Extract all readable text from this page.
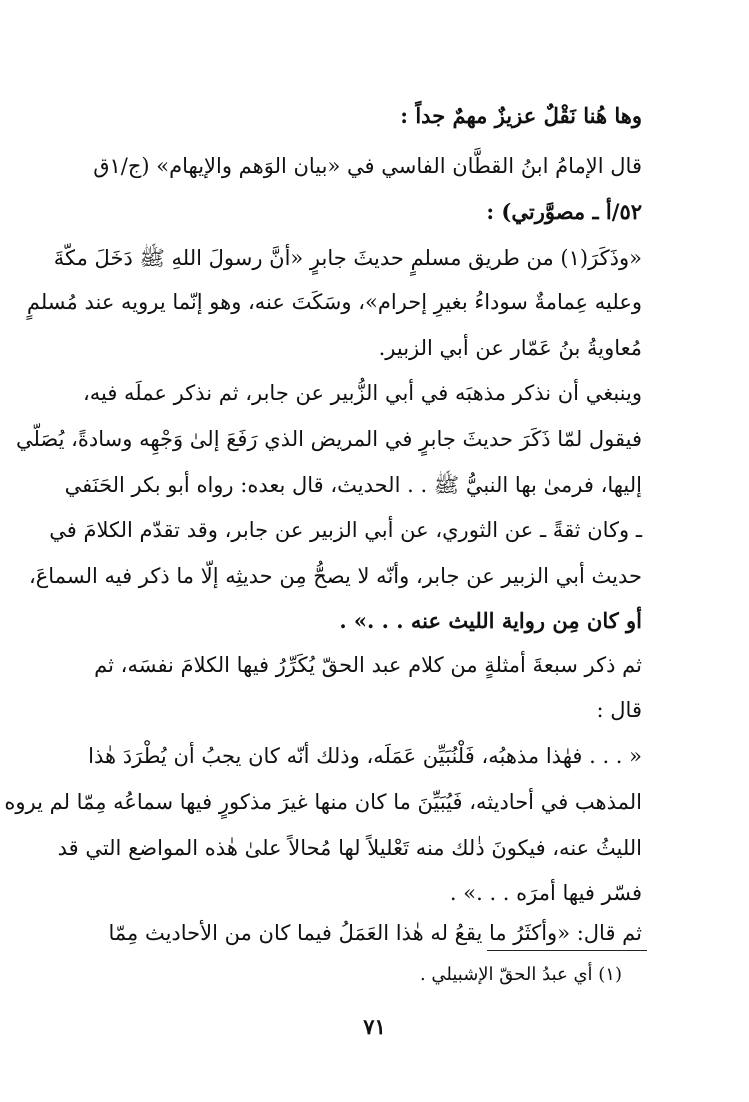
وها هُنا نَقْلٌ عزيزٌ مهمٌ جداً :
قال الإمامُ ابنُ القطَّان الفاسي في «بيان الوَهم والإيهام» (ج/١ق
٥٢/أ ـ مصوَّرتي) :
«وذَكَرَ(١) من طريق مسلمٍ حديثَ جابرٍ «أنَّ رسولَ اللهِ ﷺ دَخَلَ مكّةَ
وعليه عِمامةٌ سوداءُ بغيرِ إحرام»، وسَكَتَ عنه، وهو إنّما يرويه عند مُسلمٍ
مُعاويةُ بنُ عَمّار عن أبي الزبير.
وينبغي أن نذكر مذهبَه في أبي الزُّبير عن جابر، ثم نذكر عملَه فيه،
فيقول لمّا ذَكَرَ حديثَ جابرٍ في المريض الذي رَفَعَ إلىٰ وَجْهِه وسادةً، يُصَلّي
إليها، فرمىٰ بها النبيُّ ﷺ . . الحديث، قال بعده: رواه أبو بكر الحَنَفي
ـ وكان ثقةً ـ عن الثوري، عن أبي الزبير عن جابر، وقد تقدّم الكلامَ في
حديث أبي الزبير عن جابر، وأنّه لا يصحُّ مِن حديثِه إلّا ما ذكر فيه السماعَ،
أو كان مِن رواية الليث عنه . . .» .
ثم ذكر سبعةَ أمثلةٍ من كلام عبد الحقّ يُكَرِّرُ فيها الكلامَ نفسَه، ثم
قال :
« . . . فهٰذا مذهبُه، فَلْنُبَيِّن عَمَلَه، وذلك أنّه كان يجبُ أن يُطْرَدَ هٰذا
المذهب في أحاديثه، فَيُبَيِّنَ ما كان منها غيرَ مذكورٍ فيها سماعُه مِمّا لم يروه
الليثُ عنه، فيكونَ ذٰلك منه تَعْليلاً لها مُحالاً علىٰ هٰذه المواضع التي قد
فسّر فيها أمرَه . . .» .
ثم قال: «وأكثَرُ ما يقعُ له هٰذا العَمَلُ فيما كان من الأحاديث مِمّا
(١) أي عبدُ الحقّ الإشبيلي .
٧١
